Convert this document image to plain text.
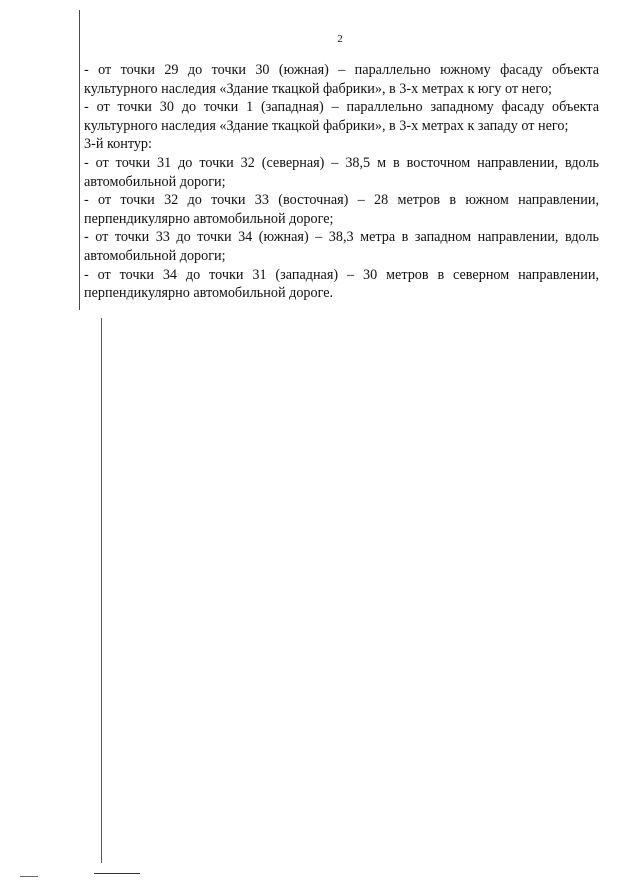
2

- от точки 29 до точки 30 (южная) – параллельно южному фасаду объекта культурного наследия «Здание ткацкой фабрики», в 3-х метрах к югу от него;

- от точки 30 до точки 1 (западная) – параллельно западному фасаду объекта культурного наследия «Здание ткацкой фабрики», в 3-х метрах к западу от него;

3-й контур:

- от точки 31 до точки 32 (северная) – 38,5 м в восточном направлении, вдоль автомобильной дороги;

- от точки 32 до точки 33 (восточная) – 28 метров в южном направлении, перпендикулярно автомобильной дороге;

- от точки 33 до точки 34 (южная) – 38,3 метра в западном направлении, вдоль автомобильной дороги;

- от точки 34 до точки 31 (западная) – 30 метров в северном направлении, перпендикулярно автомобильной дороге.
